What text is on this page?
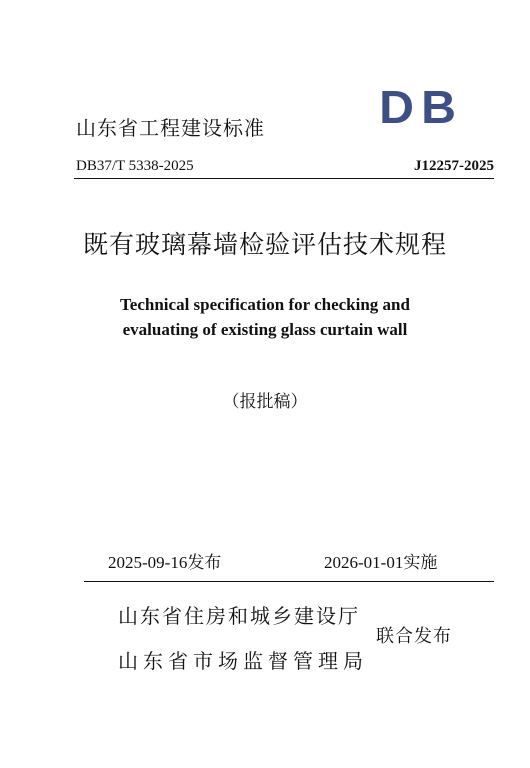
山东省工程建设标准 D B
DB37/T 5338-2025	J12257-2025
既有玻璃幕墙检验评估技术规程
Technical specification for checking and
evaluating of existing glass curtain wall
（报批稿）
2025-09-16发布	2026-01-01实施
山东省住房和城乡建设厅
山东省市场监督管理局
联合发布
